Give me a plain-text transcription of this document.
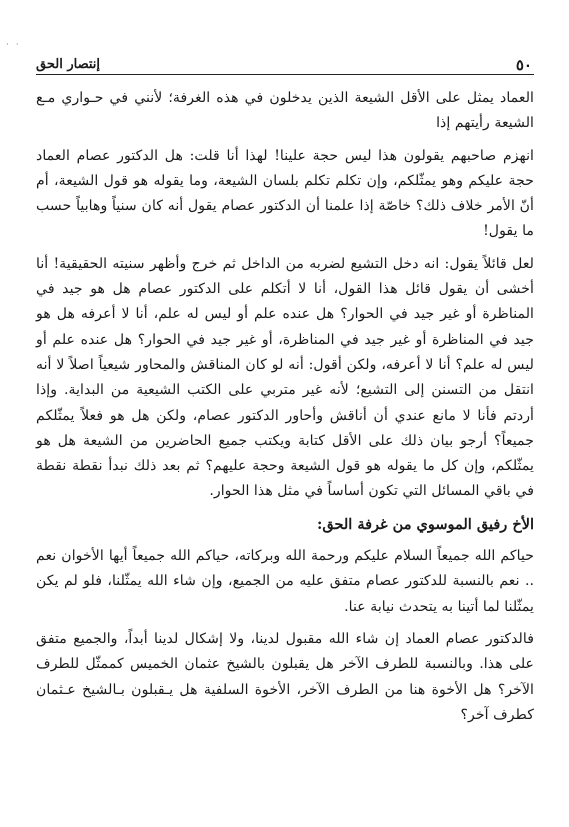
· ·
٥٠
إنتصار الحق

العماد يمثل على الأقل الشيعة الذين يدخلون في هذه الغرفة؛ لأنني في حـواري مـع الشيعة رأيتهم إذا

انهزم صاحبهم يقولون هذا ليس حجة علينا! لهذا أنا قلت: هل الدكتور عصام العماد حجة عليكم وهو يمثّلكم، وإن تكلم تكلم بلسان الشيعة، وما يقوله هو قول الشيعة، أم أنّ الأمر خلاف ذلك؟ خاصّة إذا علمنا أن الدكتور عصام يقول أنه كان سنياً وهابياً حسب ما يقول!

لعل قائلاً يقول: انه دخل التشيع لضربه من الداخل ثم خرج وأظهر سنيته الحقيقية! أنا أخشى أن يقول قائل هذا القول، أنا لا أتكلم على الدكتور عصام هل هو جيد في المناظرة أو غير جيد في الحوار؟ هل عنده علم أو ليس له علم، أنا لا أعرفه هل هو جيد في المناظرة أو غير جيد في المناظرة، أو غير جيد في الحوار؟ هل عنده علم أو ليس له علم؟ أنا لا أعرفه، ولكن أقول: أنه لو كان المناقش والمحاور شيعياً اصلاً لا أنه انتقل من التسنن إلى التشيع؛ لأنه غير متربي على الكتب الشيعية من البداية. وإذا أردتم فأنا لا مانع عندي أن أناقش وأحاور الدكتور عصام، ولكن هل هو فعلاً يمثّلكم جميعاً؟ أرجو بيان ذلك على الأقل كتابة ويكتب جميع الحاضرين من الشيعة هل هو يمثّلكم، وإن كل ما يقوله هو قول الشيعة وحجة عليهم؟ ثم بعد ذلك نبدأ نقطة نقطة في باقي المسائل التي تكون أساساً في مثل هذا الحوار.

الأخ رفيق الموسوي من غرفة الحق:

حياكم الله جميعاً السلام عليكم ورحمة الله وبركاته، حياكم الله جميعاً أيها الأخوان نعم .. نعم بالنسبة للدكتور عصام متفق عليه من الجميع، وإن شاء الله يمثّلنا، فلو لم يكن يمثّلنا لما أتينا به يتحدث نيابة عنا.

فالدكتور عصام العماد إن شاء الله مقبول لدينا، ولا إشكال لدينا أبداً، والجميع متفق على هذا. وبالنسبة للطرف الآخر هل يقبلون بالشيخ عثمان الخميس كممثّل للطرف الآخر؟ هل الأخوة هنا من الطرف الآخر، الأخوة السلفية هل يـقبلون بـالشيخ عـثمان كطرف آخر؟
